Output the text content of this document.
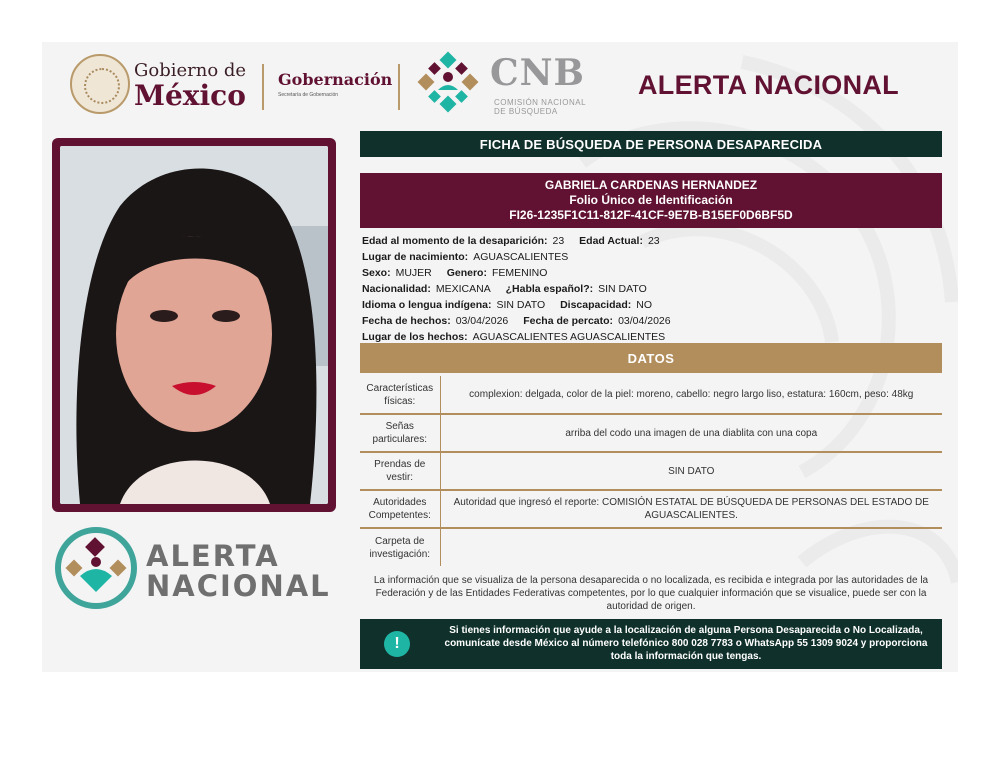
Gobierno de
México Gobernación
Secretaría de Gobernación
CNB
COMISIÓN NACIONAL
DE BÚSQUEDA
ALERTA NACIONAL
ALERTA
NACIONAL
FICHA DE BÚSQUEDA DE PERSONA DESAPARECIDA
GABRIELA CARDENAS HERNANDEZ
Folio Único de Identificación
FI26-1235F1C11-812F-41CF-9E7B-B15EF0D6BF5D
Edad al momento de la desaparición: 23 Edad Actual: 23
Lugar de nacimiento: AGUASCALIENTES
Sexo: MUJER Genero: FEMENINO
Nacionalidad: MEXICANA ¿Habla español?: SIN DATO
Idioma o lengua indígena: SIN DATO Discapacidad: NO
Fecha de hechos: 03/04/2026 Fecha de percato: 03/04/2026
Lugar de los hechos: AGUASCALIENTES AGUASCALIENTES
DATOS
Características
físicas:	complexion: delgada, color de la piel: moreno, cabello: negro largo liso, estatura: 160cm, peso: 48kg
Señas
particulares:	arriba del codo una imagen de una diablita con una copa
Prendas de
vestir:	SIN DATO
Autoridades
Competentes:	Autoridad que ingresó el reporte: COMISIÓN ESTATAL DE BÚSQUEDA DE PERSONAS DEL ESTADO DE AGUASCALIENTES.
Carpeta de
investigación:	
La información que se visualiza de la persona desaparecida o no localizada, es recibida e integrada por las autoridades de la Federación y de las Entidades Federativas competentes, por lo que cualquier información que se visualice, puede ser con la autoridad de origen.
!
Si tienes información que ayude a la localización de alguna Persona Desaparecida o No Localizada, comunícate desde México al número telefónico 800 028 7783 o WhatsApp 55 1309 9024 y proporciona toda la información que tengas.
